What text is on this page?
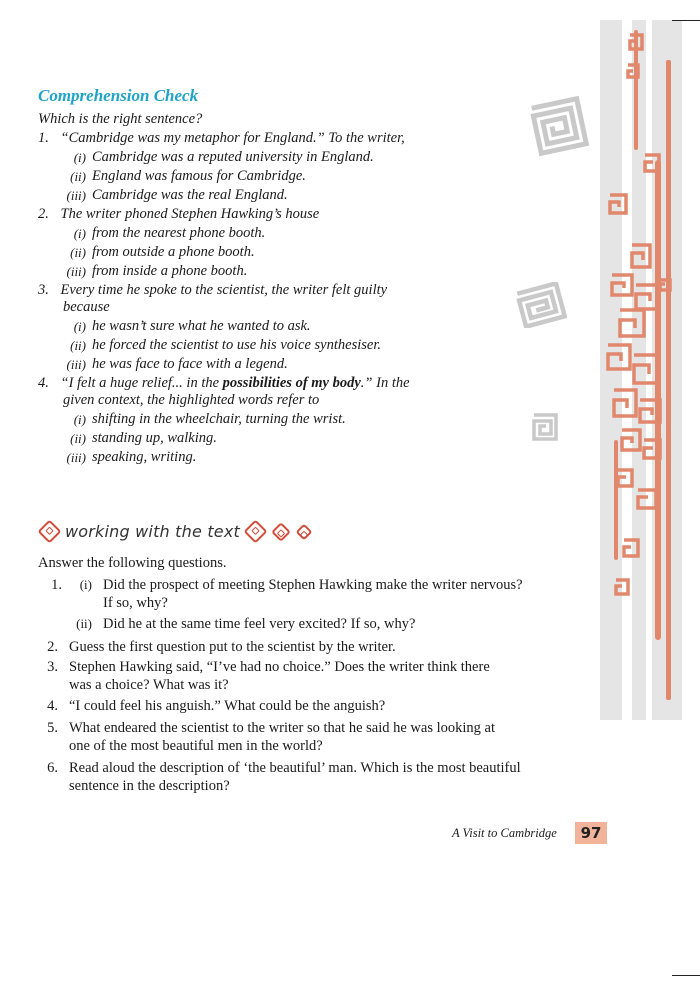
Comprehension Check
Which is the right sentence?
1. “Cambridge was my metaphor for England.” To the writer,
(i) Cambridge was a reputed university in England.
(ii) England was famous for Cambridge.
(iii) Cambridge was the real England.
2. The writer phoned Stephen Hawking’s house
(i) from the nearest phone booth.
(ii) from outside a phone booth.
(iii) from inside a phone booth.
3. Every time he spoke to the scientist, the writer felt guilty
because
(i) he wasn’t sure what he wanted to ask.
(ii) he forced the scientist to use his voice synthesiser.
(iii) he was face to face with a legend.
4. “I felt a huge relief... in the possibilities of my body.” In the
given context, the highlighted words refer to
(i) shifting in the wheelchair, turning the wrist.
(ii) standing up, walking.
(iii) speaking, writing.
working with the text
Answer the following questions.
1.	(i) Did the prospect of meeting Stephen Hawking make the writer nervous?
If so, why?
(ii) Did he at the same time feel very excited? If so, why?
2. Guess the first question put to the scientist by the writer.
3. Stephen Hawking said, “I’ve had no choice.” Does the writer think there
was a choice? What was it?
4. “I could feel his anguish.” What could be the anguish?
5. What endeared the scientist to the writer so that he said he was looking at
one of the most beautiful men in the world?
6. Read aloud the description of ‘the beautiful’ man. Which is the most beautiful
sentence in the description?
A Visit to Cambridge	97
